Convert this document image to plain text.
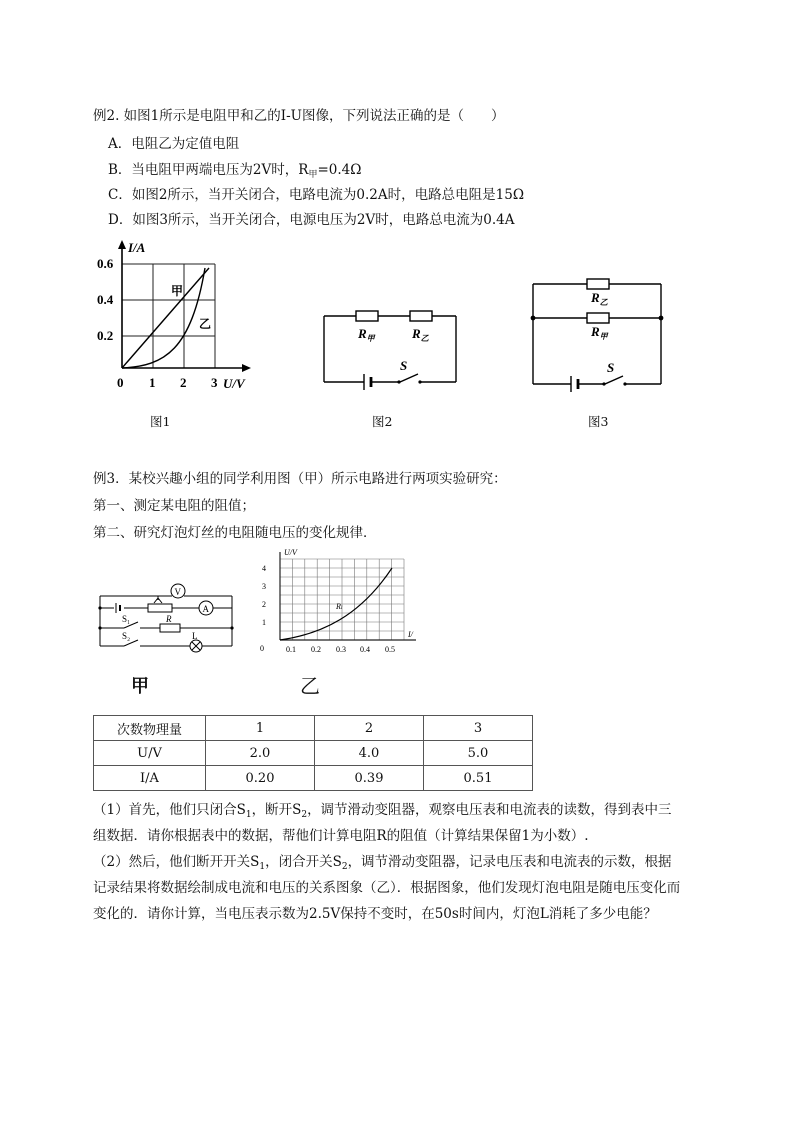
例2. 如图1所示是电阻甲和乙的I-U图像，下列说法正确的是（　　）
A．电阻乙为定值电阻
B．当电阻甲两端电压为2V时，$R_甲=0.4\Omega$
C．如图2所示，当开关闭合，电路电流为0.2A时，电路总电阻是15Ω
D．如图3所示，当开关闭合，电源电压为2V时，电路总电流为0.4A
I/A
U/V
0.6
0.4
0.2
0 1 2 3
甲
乙
图1
$R_甲$	$R_乙$
S
图2
$R_乙$
$R_甲$
S
图3
例3．某校兴趣小组的同学利用图（甲）所示电路进行两项实验研究：
第一、测定某电阻的阻值；
第二、研究灯泡灯丝的电阻随电压的变化规律．
V
A
S₁
S₂
R
L
甲
U/V
I/
4
3
2
1
0	0.1 0.2 0.3 0.4 0.5
Rₗ
乙
次数物理量	1	2	3
U/V	2.0	4.0	5.0
I/A	0.20	0.39	0.51
（1）首先，他们只闭合$S_1$，断开$S_2$，调节滑动变阻器，观察电压表和电流表的读数，得到表中三
组数据．请你根据表中的数据，帮他们计算电阻R的阻值（计算结果保留1为小数）.
（2）然后，他们断开开关$S_1$，闭合开关$S_2$，调节滑动变阻器，记录电压表和电流表的示数，根据
记录结果将数据绘制成电流和电压的关系图象（乙）．根据图象，他们发现灯泡电阻是随电压变化而
变化的．请你计算，当电压表示数为2.5V保持不变时，在50s时间内，灯泡L消耗了多少电能？
